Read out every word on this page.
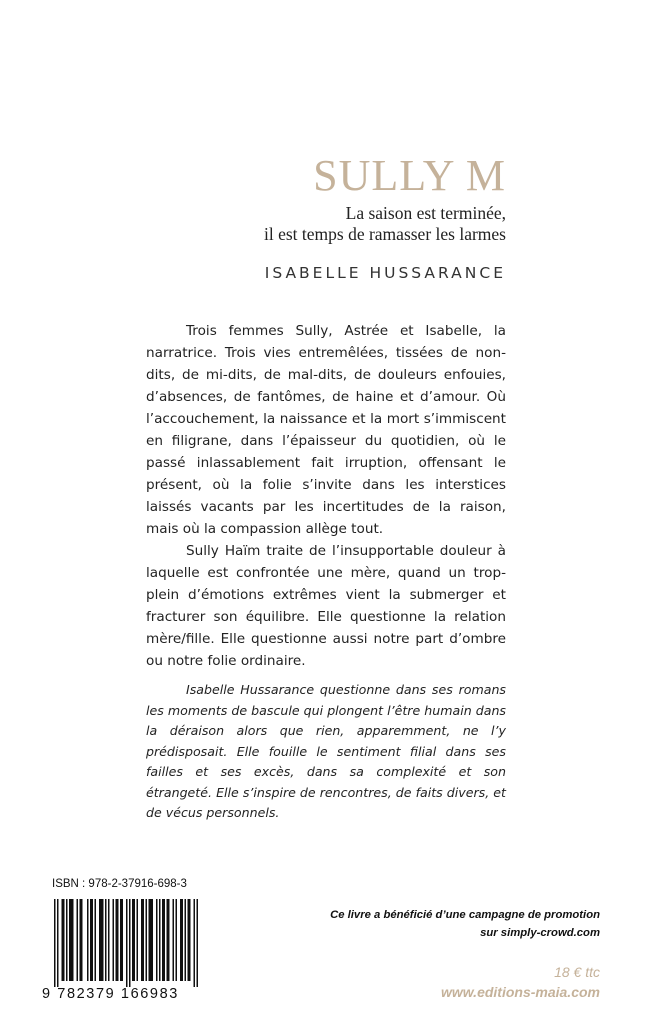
SULLY M
La saison est terminée,
il est temps de ramasser les larmes
ISABELLE HUSSARANCE

Trois femmes Sully, Astrée et Isabelle, la narratrice. Trois vies entremêlées, tissées de non-dits, de mi-dits, de mal-dits, de douleurs enfouies, d’absences, de fantômes, de haine et d’amour. Où l’accouchement, la naissance et la mort s’immiscent en filigrane, dans l’épaisseur du quotidien, où le passé inlassablement fait irruption, offensant le présent, où la folie s’invite dans les interstices laissés vacants par les incertitudes de la raison, mais où la compassion allège tout.

Sully Haïm traite de l’insupportable douleur à laquelle est confrontée une mère, quand un trop-plein d’émotions extrêmes vient la submerger et fracturer son équilibre. Elle questionne la relation mère/fille. Elle questionne aussi notre part d’ombre ou notre folie ordinaire.

Isabelle Hussarance questionne dans ses romans les moments de bascule qui plongent l’être humain dans la déraison alors que rien, apparemment, ne l’y prédisposait. Elle fouille le sentiment filial dans ses failles et ses excès, dans sa complexité et son étrangeté. Elle s’inspire de rencontres, de faits divers, et de vécus personnels.

ISBN : 978-2-37916-698-3
9 782379 166983
Ce livre a bénéficié d’une campagne de promotion
sur simply-crowd.com
18 € ttc
www.editions-maia.com
